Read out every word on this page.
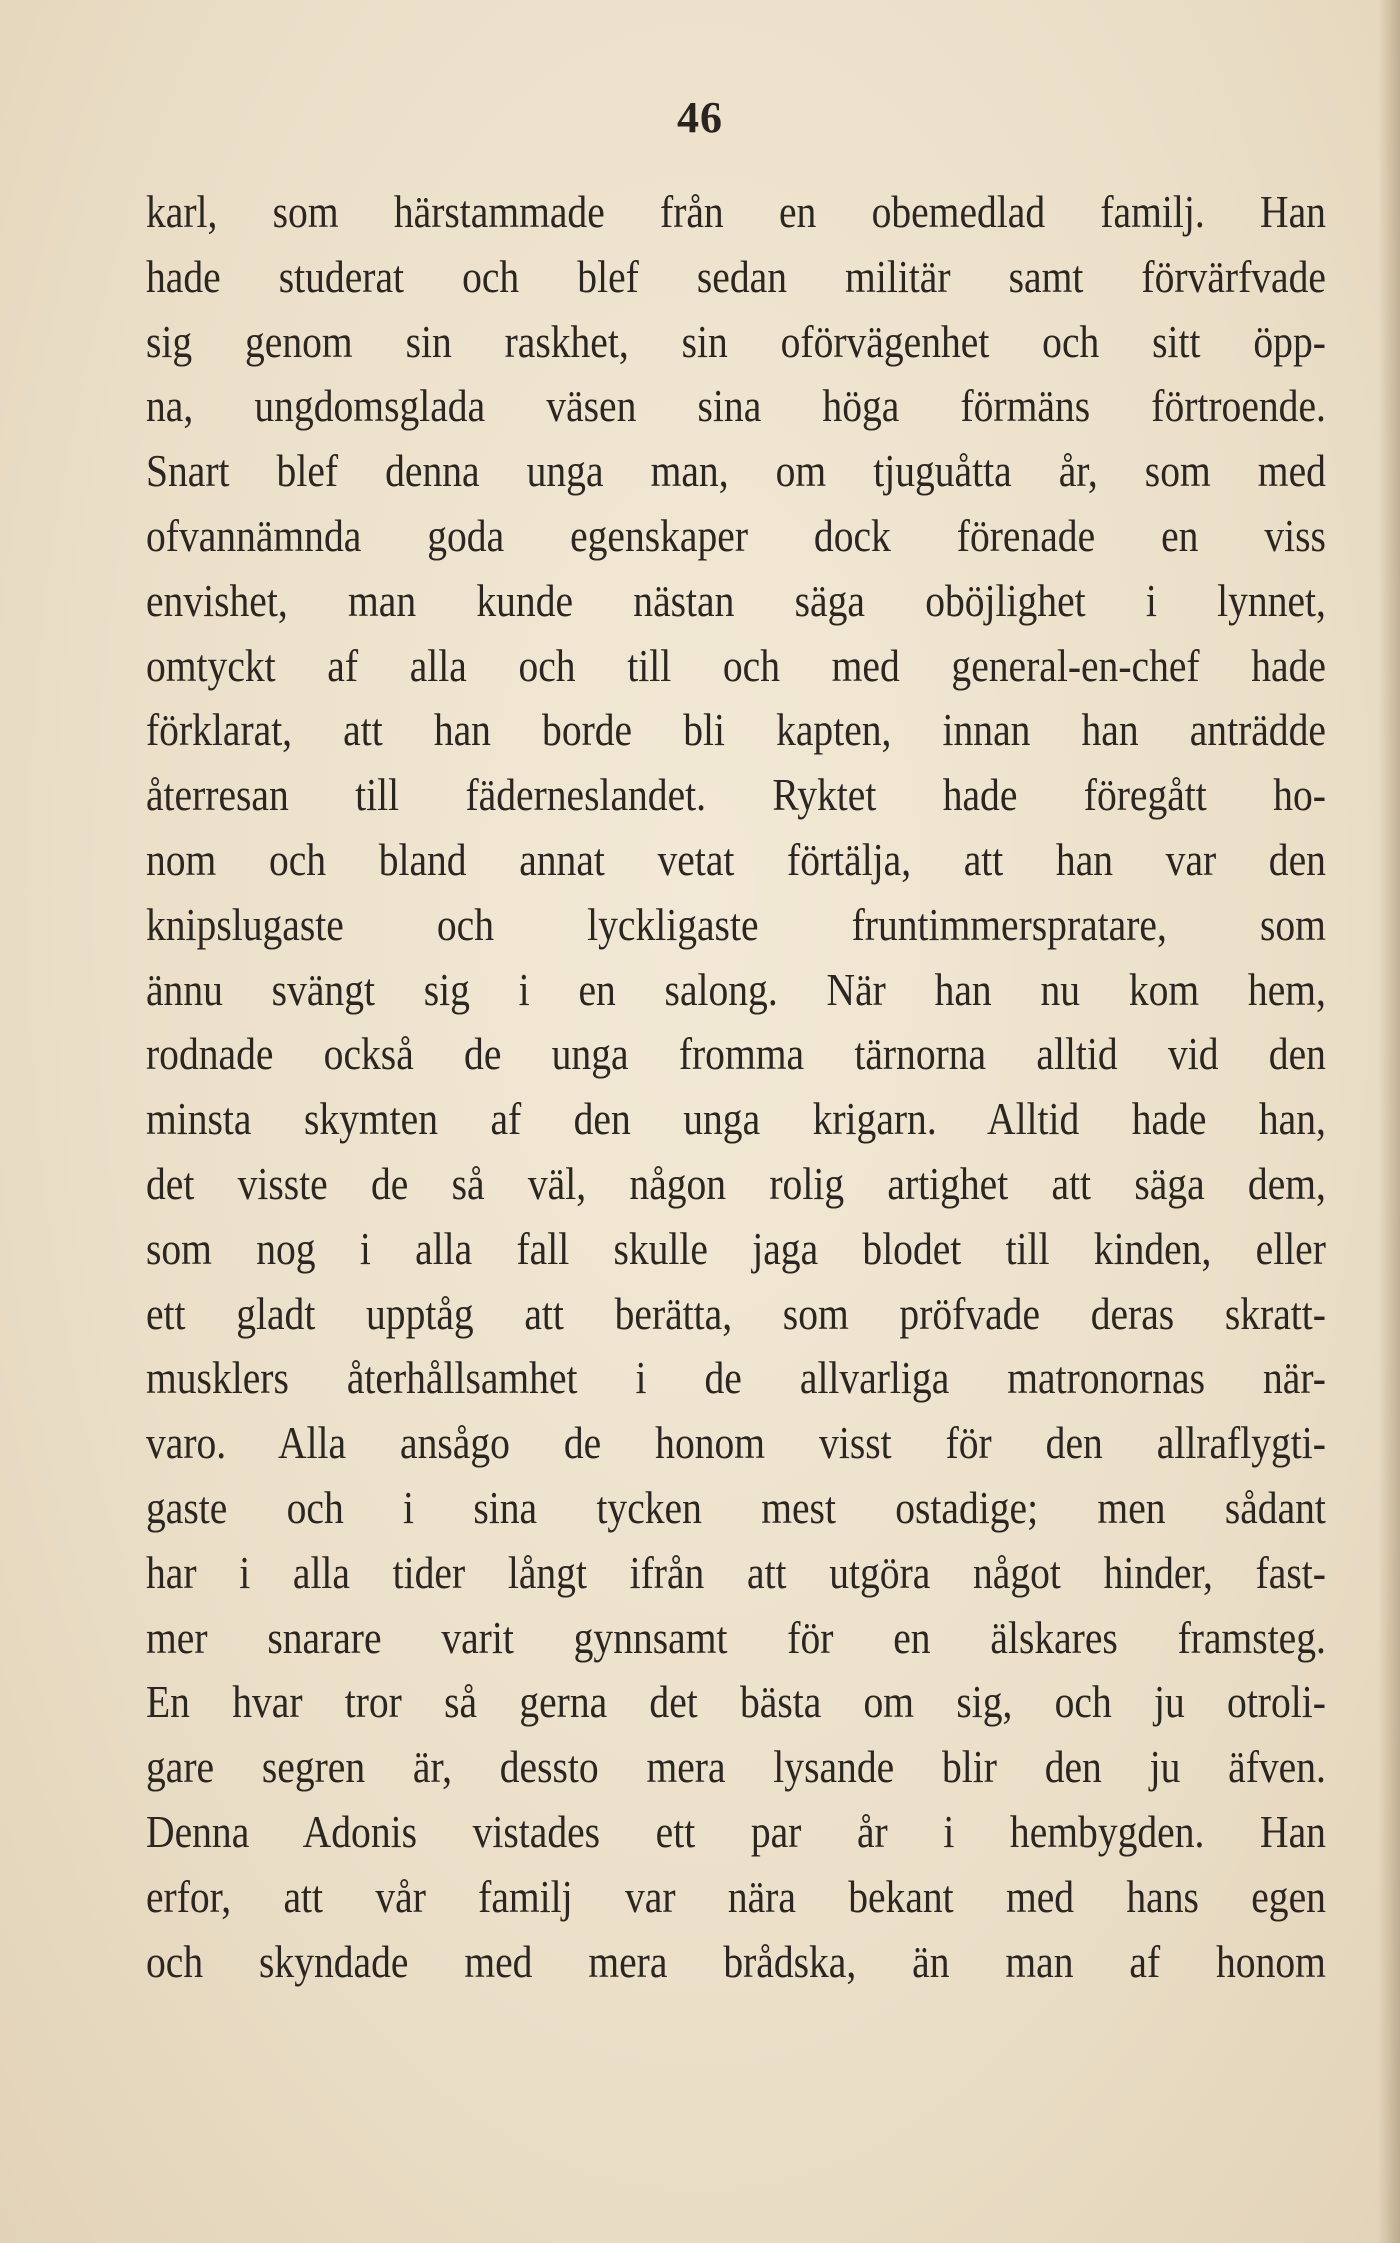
46
karl, som härstammade från en obemedlad familj. Han
hade studerat och blef sedan militär samt förvärfvade
sig genom sin raskhet, sin oförvägenhet och sitt öpp-
na, ungdomsglada väsen sina höga förmäns förtroende.
Snart blef denna unga man, om tjuguåtta år, som med
ofvannämnda goda egenskaper dock förenade en viss
envishet, man kunde nästan säga oböjlighet i lynnet,
omtyckt af alla och till och med general-en-chef hade
förklarat, att han borde bli kapten, innan han anträdde
återresan till fäderneslandet. Ryktet hade föregått ho-
nom och bland annat vetat förtälja, att han var den
knipslugaste och lyckligaste fruntimmerspratare, som
ännu svängt sig i en salong. När han nu kom hem,
rodnade också de unga fromma tärnorna alltid vid den
minsta skymten af den unga krigarn. Alltid hade han,
det visste de så väl, någon rolig artighet att säga dem,
som nog i alla fall skulle jaga blodet till kinden, eller
ett gladt upptåg att berätta, som pröfvade deras skratt-
musklers återhållsamhet i de allvarliga matronornas när-
varo. Alla ansågo de honom visst för den allraflygti-
gaste och i sina tycken mest ostadige; men sådant
har i alla tider långt ifrån att utgöra något hinder, fast-
mer snarare varit gynnsamt för en älskares framsteg.
En hvar tror så gerna det bästa om sig, och ju otroli-
gare segren är, dessto mera lysande blir den ju äfven.
Denna Adonis vistades ett par år i hembygden. Han
erfor, att vår familj var nära bekant med hans egen
och skyndade med mera brådska, än man af honom
